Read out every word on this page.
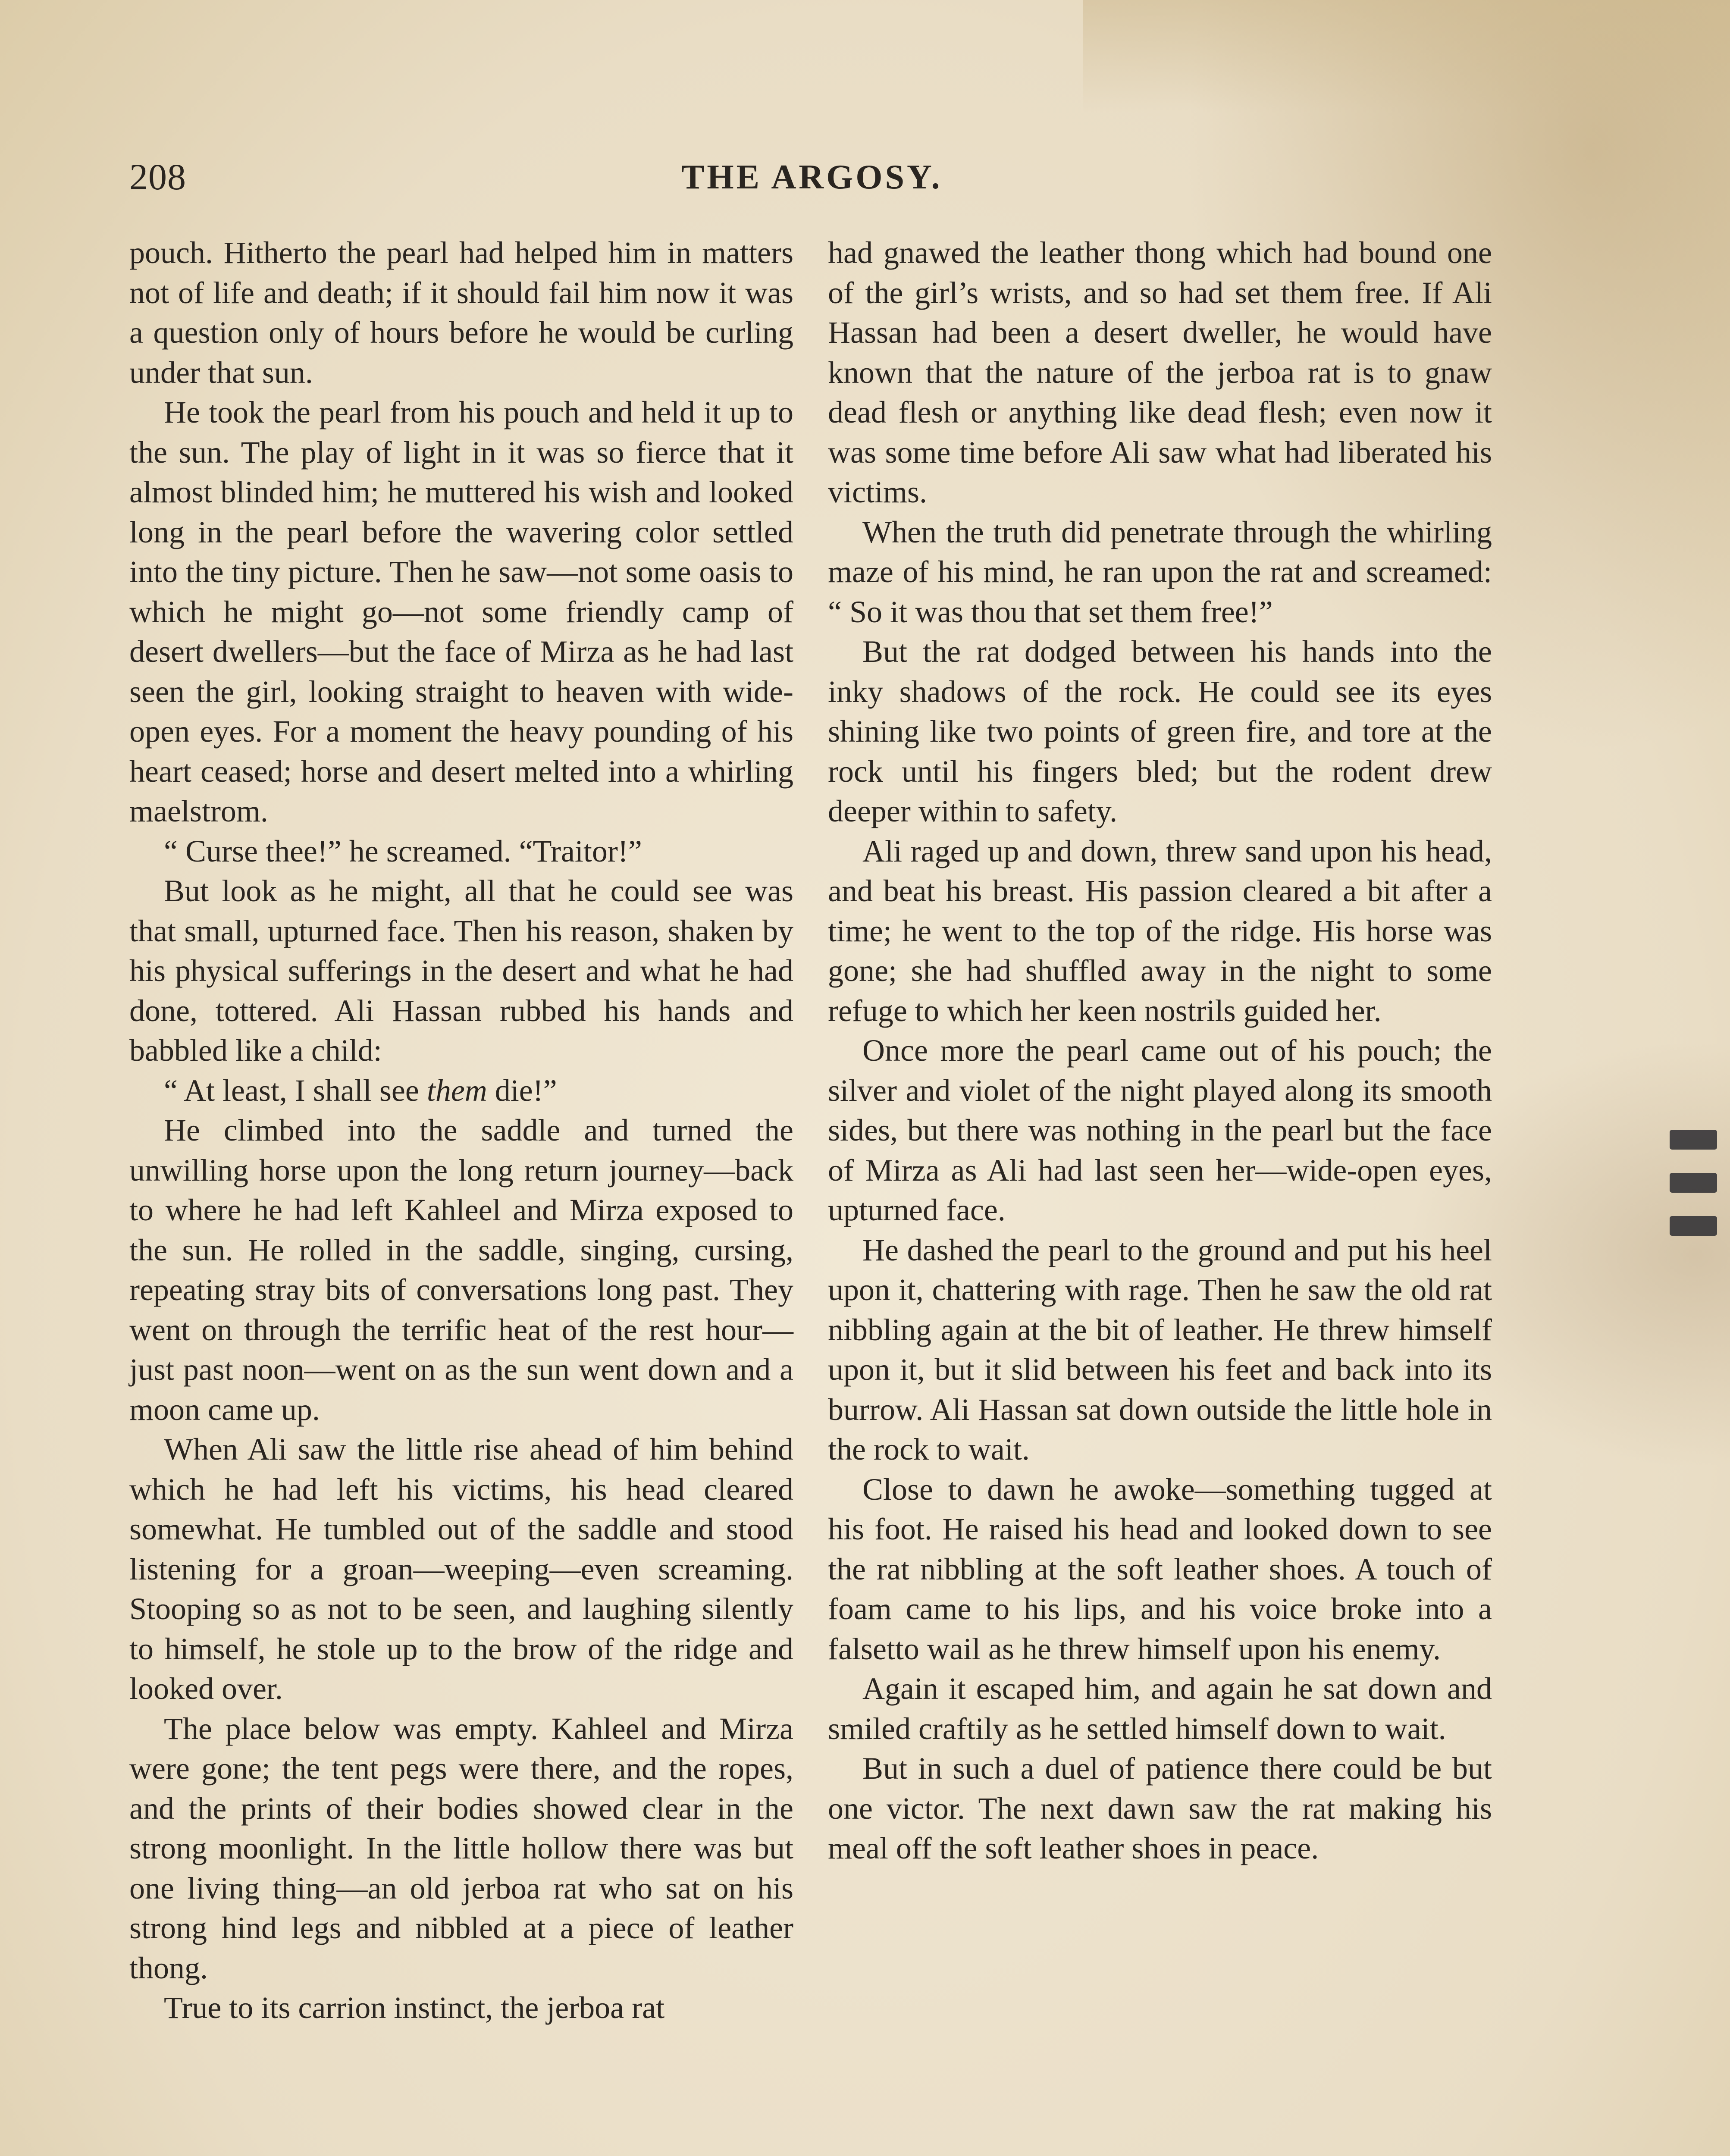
208	THE ARGOSY.

pouch. Hitherto the pearl had helped him in matters not of life and death; if it should fail him now it was a question only of hours before he would be curling under that sun.

He took the pearl from his pouch and held it up to the sun. The play of light in it was so fierce that it almost blinded him; he muttered his wish and looked long in the pearl before the wavering color settled into the tiny picture. Then he saw—not some oasis to which he might go—not some friendly camp of desert dwellers—but the face of Mirza as he had last seen the girl, looking straight to heaven with wide-open eyes. For a moment the heavy pounding of his heart ceased; horse and desert melted into a whirling maelstrom.

“ Curse thee!” he screamed. “Traitor!”

But look as he might, all that he could see was that small, upturned face. Then his reason, shaken by his physical sufferings in the desert and what he had done, tottered. Ali Hassan rubbed his hands and babbled like a child:

“ At least, I shall see them die!”

He climbed into the saddle and turned the unwilling horse upon the long return journey—back to where he had left Kahleel and Mirza exposed to the sun. He rolled in the saddle, singing, cursing, repeating stray bits of conversations long past. They went on through the terrific heat of the rest hour—just past noon—went on as the sun went down and a moon came up.

When Ali saw the little rise ahead of him behind which he had left his victims, his head cleared somewhat. He tumbled out of the saddle and stood listening for a groan—weeping—even screaming. Stooping so as not to be seen, and laughing silently to himself, he stole up to the brow of the ridge and looked over.

The place below was empty. Kahleel and Mirza were gone; the tent pegs were there, and the ropes, and the prints of their bodies showed clear in the strong moonlight. In the little hollow there was but one living thing—an old jerboa rat who sat on his strong hind legs and nibbled at a piece of leather thong.

True to its carrion instinct, the jerboa rat

had gnawed the leather thong which had bound one of the girl’s wrists, and so had set them free. If Ali Hassan had been a desert dweller, he would have known that the nature of the jerboa rat is to gnaw dead flesh or anything like dead flesh; even now it was some time before Ali saw what had liberated his victims.

When the truth did penetrate through the whirling maze of his mind, he ran upon the rat and screamed: “ So it was thou that set them free!”

But the rat dodged between his hands into the inky shadows of the rock. He could see its eyes shining like two points of green fire, and tore at the rock until his fingers bled; but the rodent drew deeper within to safety.

Ali raged up and down, threw sand upon his head, and beat his breast. His passion cleared a bit after a time; he went to the top of the ridge. His horse was gone; she had shuffled away in the night to some refuge to which her keen nostrils guided her.

Once more the pearl came out of his pouch; the silver and violet of the night played along its smooth sides, but there was nothing in the pearl but the face of Mirza as Ali had last seen her—wide-open eyes, upturned face.

He dashed the pearl to the ground and put his heel upon it, chattering with rage. Then he saw the old rat nibbling again at the bit of leather. He threw himself upon it, but it slid between his feet and back into its burrow. Ali Hassan sat down outside the little hole in the rock to wait.

Close to dawn he awoke—something tugged at his foot. He raised his head and looked down to see the rat nibbling at the soft leather shoes. A touch of foam came to his lips, and his voice broke into a falsetto wail as he threw himself upon his enemy.

Again it escaped him, and again he sat down and smiled craftily as he settled himself down to wait.

But in such a duel of patience there could be but one victor. The next dawn saw the rat making his meal off the soft leather shoes in peace.
